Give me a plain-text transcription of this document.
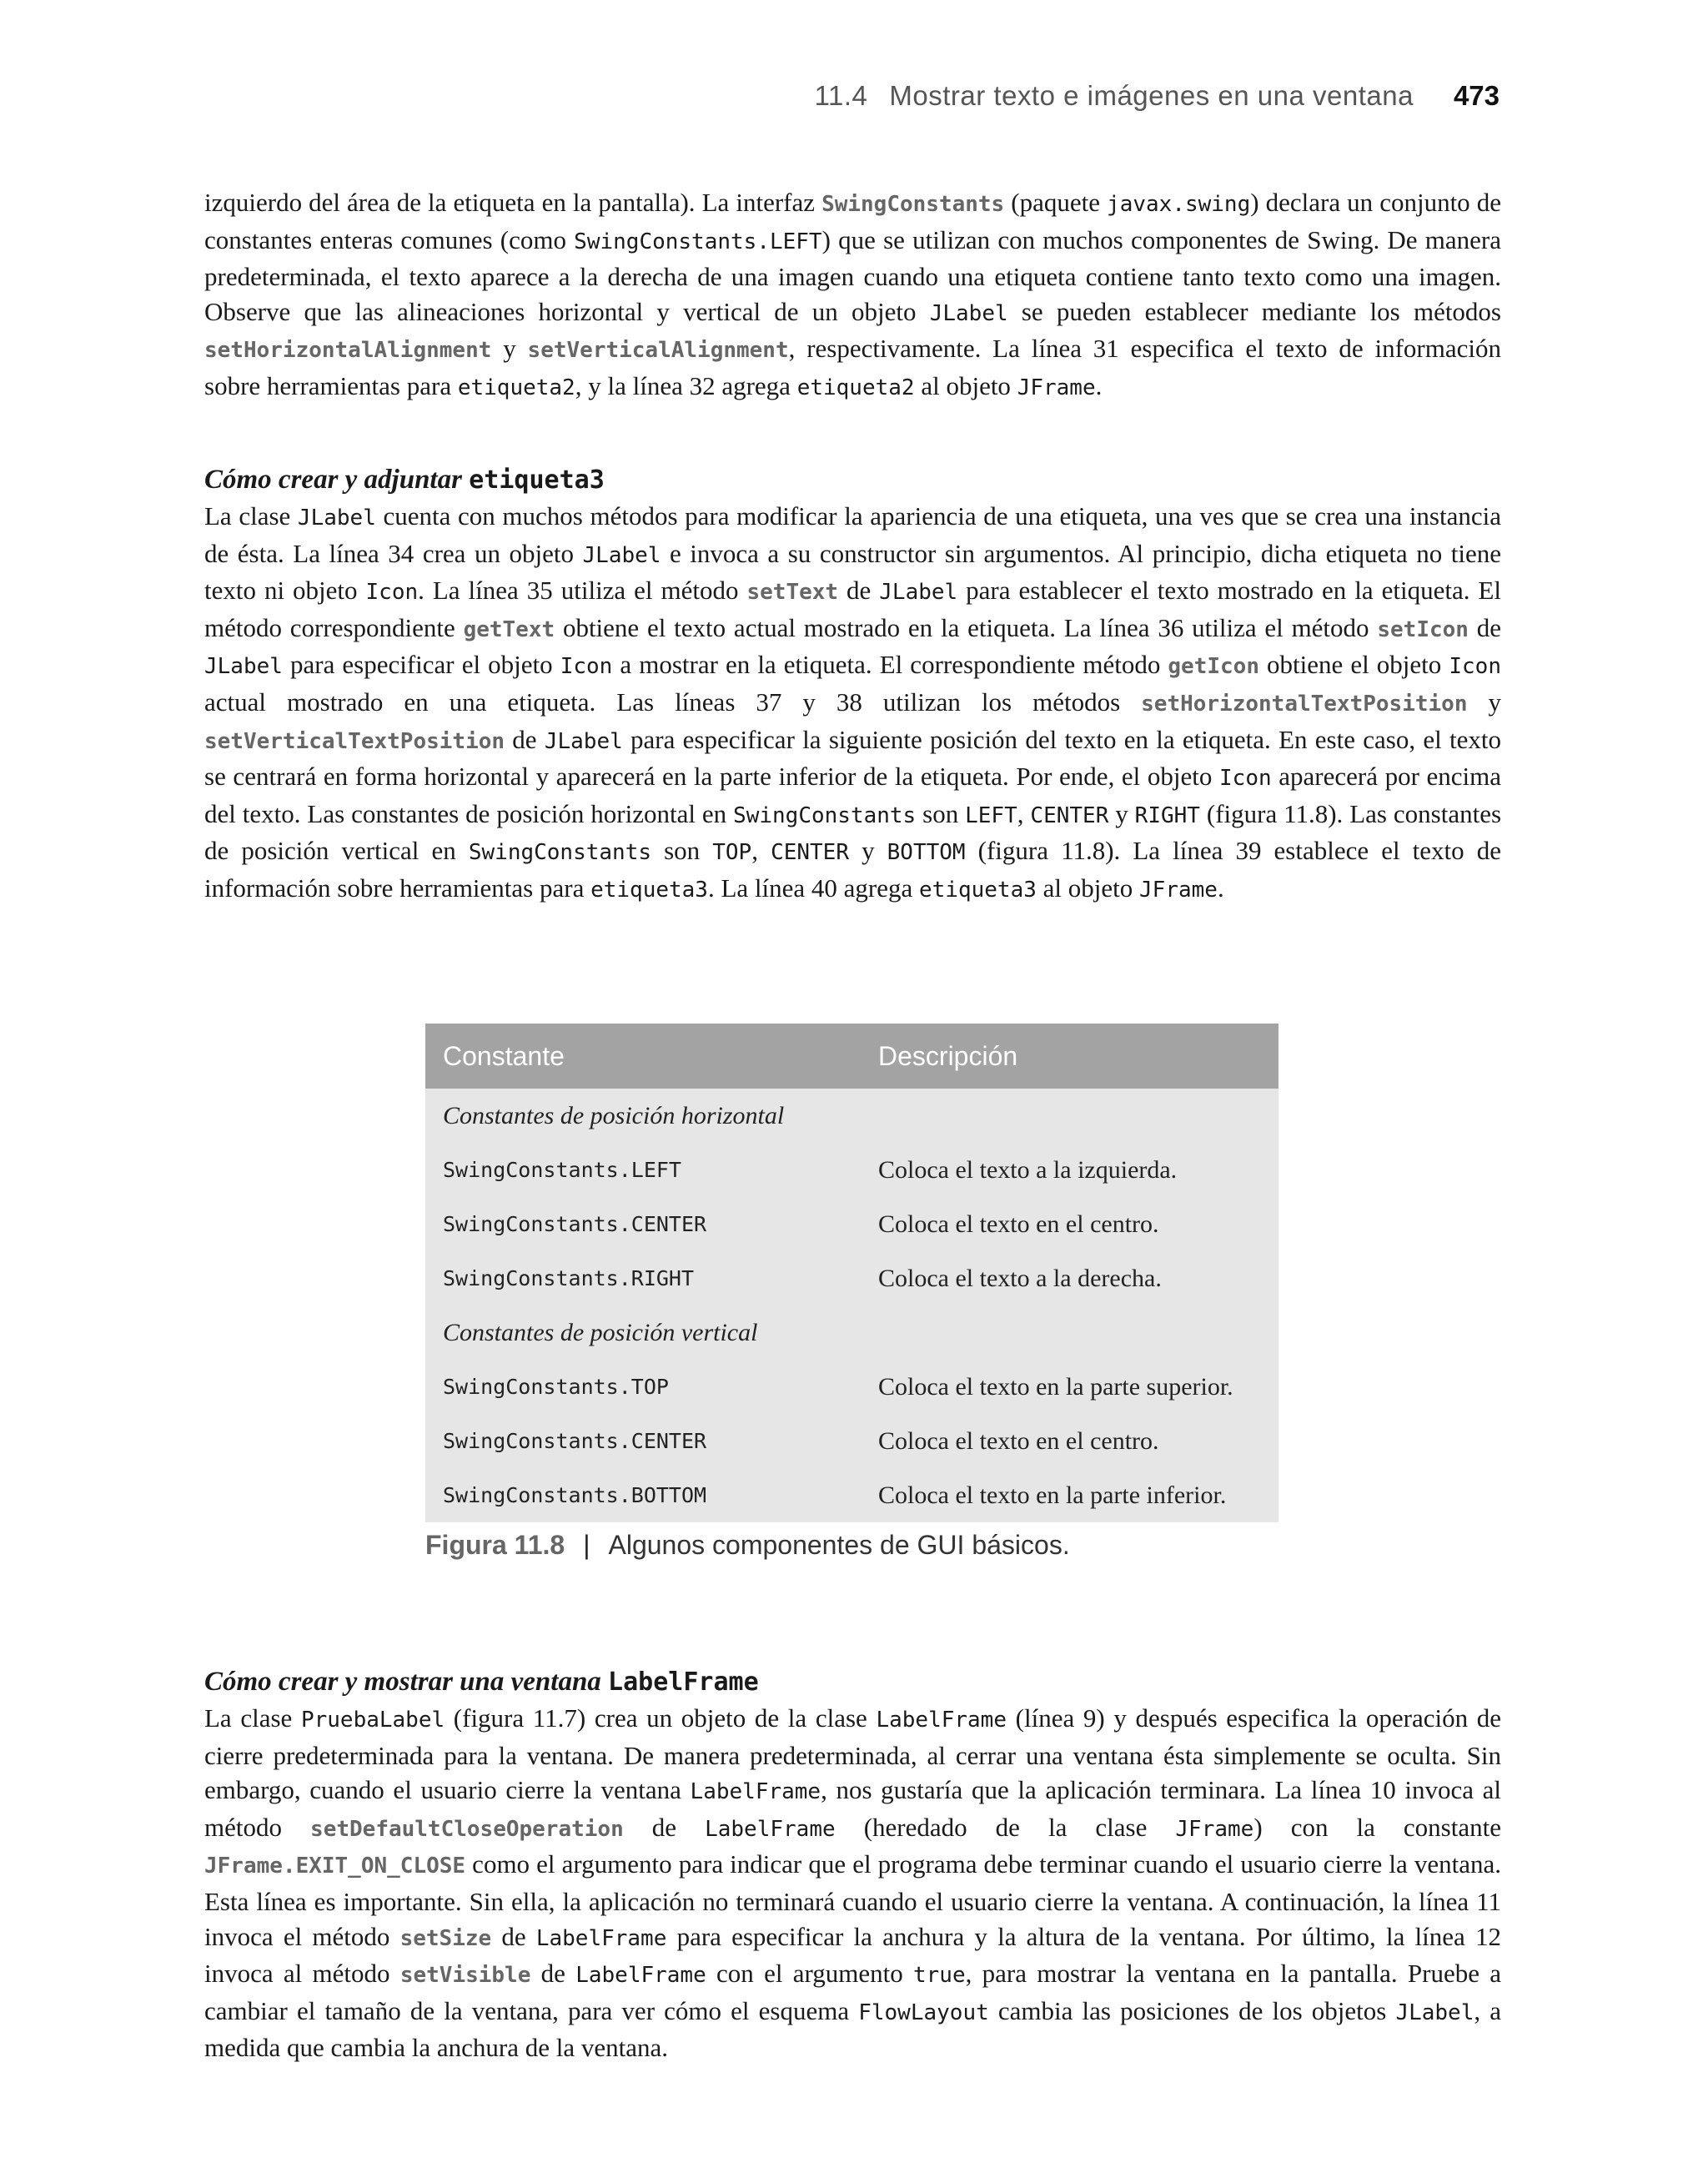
11.4 Mostrar texto e imágenes en una ventana 473

izquierdo del área de la etiqueta en la pantalla). La interfaz SwingConstants (paquete javax.swing) declara un conjunto de constantes enteras comunes (como SwingConstants.LEFT) que se utilizan con muchos componentes de Swing. De manera predeterminada, el texto aparece a la derecha de una imagen cuando una etiqueta contiene tanto texto como una imagen. Observe que las alineaciones horizontal y vertical de un objeto JLabel se pueden establecer mediante los métodos setHorizontalAlignment y setVerticalAlignment, respectivamente. La línea 31 especifica el texto de información sobre herramientas para etiqueta2, y la línea 32 agrega etiqueta2 al objeto JFrame.

Cómo crear y adjuntar etiqueta3

La clase JLabel cuenta con muchos métodos para modificar la apariencia de una etiqueta, una ves que se crea una instancia de ésta. La línea 34 crea un objeto JLabel e invoca a su constructor sin argumentos. Al principio, dicha etiqueta no tiene texto ni objeto Icon. La línea 35 utiliza el método setText de JLabel para establecer el texto mostrado en la etiqueta. El método correspondiente getText obtiene el texto actual mostrado en la etiqueta. La línea 36 utiliza el método setIcon de JLabel para especificar el objeto Icon a mostrar en la etiqueta. El correspondiente método getIcon obtiene el objeto Icon actual mostrado en una etiqueta. Las líneas 37 y 38 utilizan los métodos setHorizontalTextPosition y setVerticalTextPosition de JLabel para especificar la siguiente posición del texto en la etiqueta. En este caso, el texto se centrará en forma horizontal y aparecerá en la parte inferior de la etiqueta. Por ende, el objeto Icon aparecerá por encima del texto. Las constantes de posición horizontal en SwingConstants son LEFT, CENTER y RIGHT (figura 11.8). Las constantes de posición vertical en SwingConstants son TOP, CENTER y BOTTOM (figura 11.8). La línea 39 establece el texto de información sobre herramientas para etiqueta3. La línea 40 agrega etiqueta3 al objeto JFrame.

Constante	Descripción
Constantes de posición horizontal
SwingConstants.LEFT	Coloca el texto a la izquierda.
SwingConstants.CENTER	Coloca el texto en el centro.
SwingConstants.RIGHT	Coloca el texto a la derecha.
Constantes de posición vertical
SwingConstants.TOP	Coloca el texto en la parte superior.
SwingConstants.CENTER	Coloca el texto en el centro.
SwingConstants.BOTTOM	Coloca el texto en la parte inferior.
Figura 11.8 | Algunos componentes de GUI básicos.

Cómo crear y mostrar una ventana LabelFrame

La clase PruebaLabel (figura 11.7) crea un objeto de la clase LabelFrame (línea 9) y después especifica la operación de cierre predeterminada para la ventana. De manera predeterminada, al cerrar una ventana ésta simplemente se oculta. Sin embargo, cuando el usuario cierre la ventana LabelFrame, nos gustaría que la aplicación terminara. La línea 10 invoca al método setDefaultCloseOperation de LabelFrame (heredado de la clase JFrame) con la constante JFrame.EXIT_ON_CLOSE como el argumento para indicar que el programa debe terminar cuando el usuario cierre la ventana. Esta línea es importante. Sin ella, la aplicación no terminará cuando el usuario cierre la ventana. A continuación, la línea 11 invoca el método setSize de LabelFrame para especificar la anchura y la altura de la ventana. Por último, la línea 12 invoca al método setVisible de LabelFrame con el argumento true, para mostrar la ventana en la pantalla. Pruebe a cambiar el tamaño de la ventana, para ver cómo el esquema FlowLayout cambia las posiciones de los objetos JLabel, a medida que cambia la anchura de la ventana.
